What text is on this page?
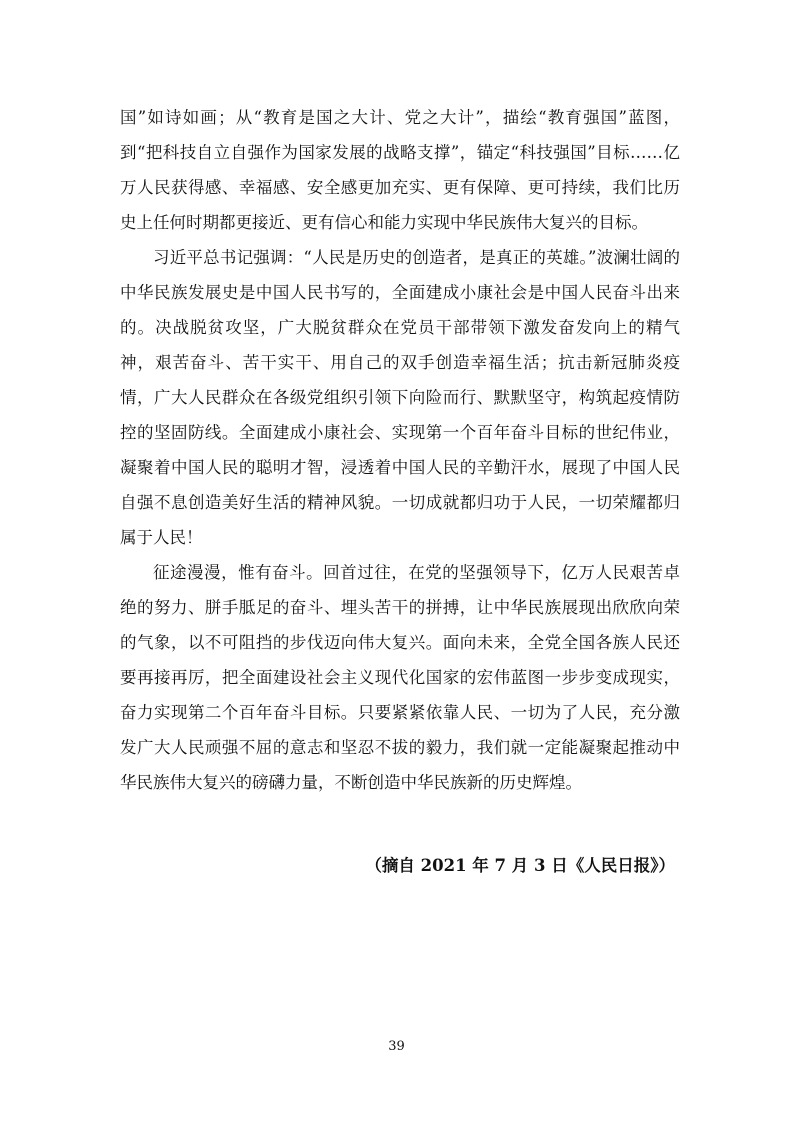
国”如诗如画；从“教育是国之大计、党之大计”，描绘“教育强国”蓝图，到“把科技自立自强作为国家发展的战略支撑”，锚定“科技强国”目标……亿万人民获得感、幸福感、安全感更加充实、更有保障、更可持续，我们比历史上任何时期都更接近、更有信心和能力实现中华民族伟大复兴的目标。

习近平总书记强调：“人民是历史的创造者，是真正的英雄。”波澜壮阔的中华民族发展史是中国人民书写的，全面建成小康社会是中国人民奋斗出来的。决战脱贫攻坚，广大脱贫群众在党员干部带领下激发奋发向上的精气神，艰苦奋斗、苦干实干、用自己的双手创造幸福生活；抗击新冠肺炎疫情，广大人民群众在各级党组织引领下向险而行、默默坚守，构筑起疫情防控的坚固防线。全面建成小康社会、实现第一个百年奋斗目标的世纪伟业，凝聚着中国人民的聪明才智，浸透着中国人民的辛勤汗水，展现了中国人民自强不息创造美好生活的精神风貌。一切成就都归功于人民，一切荣耀都归属于人民！

征途漫漫，惟有奋斗。回首过往，在党的坚强领导下，亿万人民艰苦卓绝的努力、胼手胝足的奋斗、埋头苦干的拼搏，让中华民族展现出欣欣向荣的气象，以不可阻挡的步伐迈向伟大复兴。面向未来，全党全国各族人民还要再接再厉，把全面建设社会主义现代化国家的宏伟蓝图一步步变成现实，奋力实现第二个百年奋斗目标。只要紧紧依靠人民、一切为了人民，充分激发广大人民顽强不屈的意志和坚忍不拔的毅力，我们就一定能凝聚起推动中华民族伟大复兴的磅礴力量，不断创造中华民族新的历史辉煌。

（摘自 2021 年 7 月 3 日《人民日报》）
39
